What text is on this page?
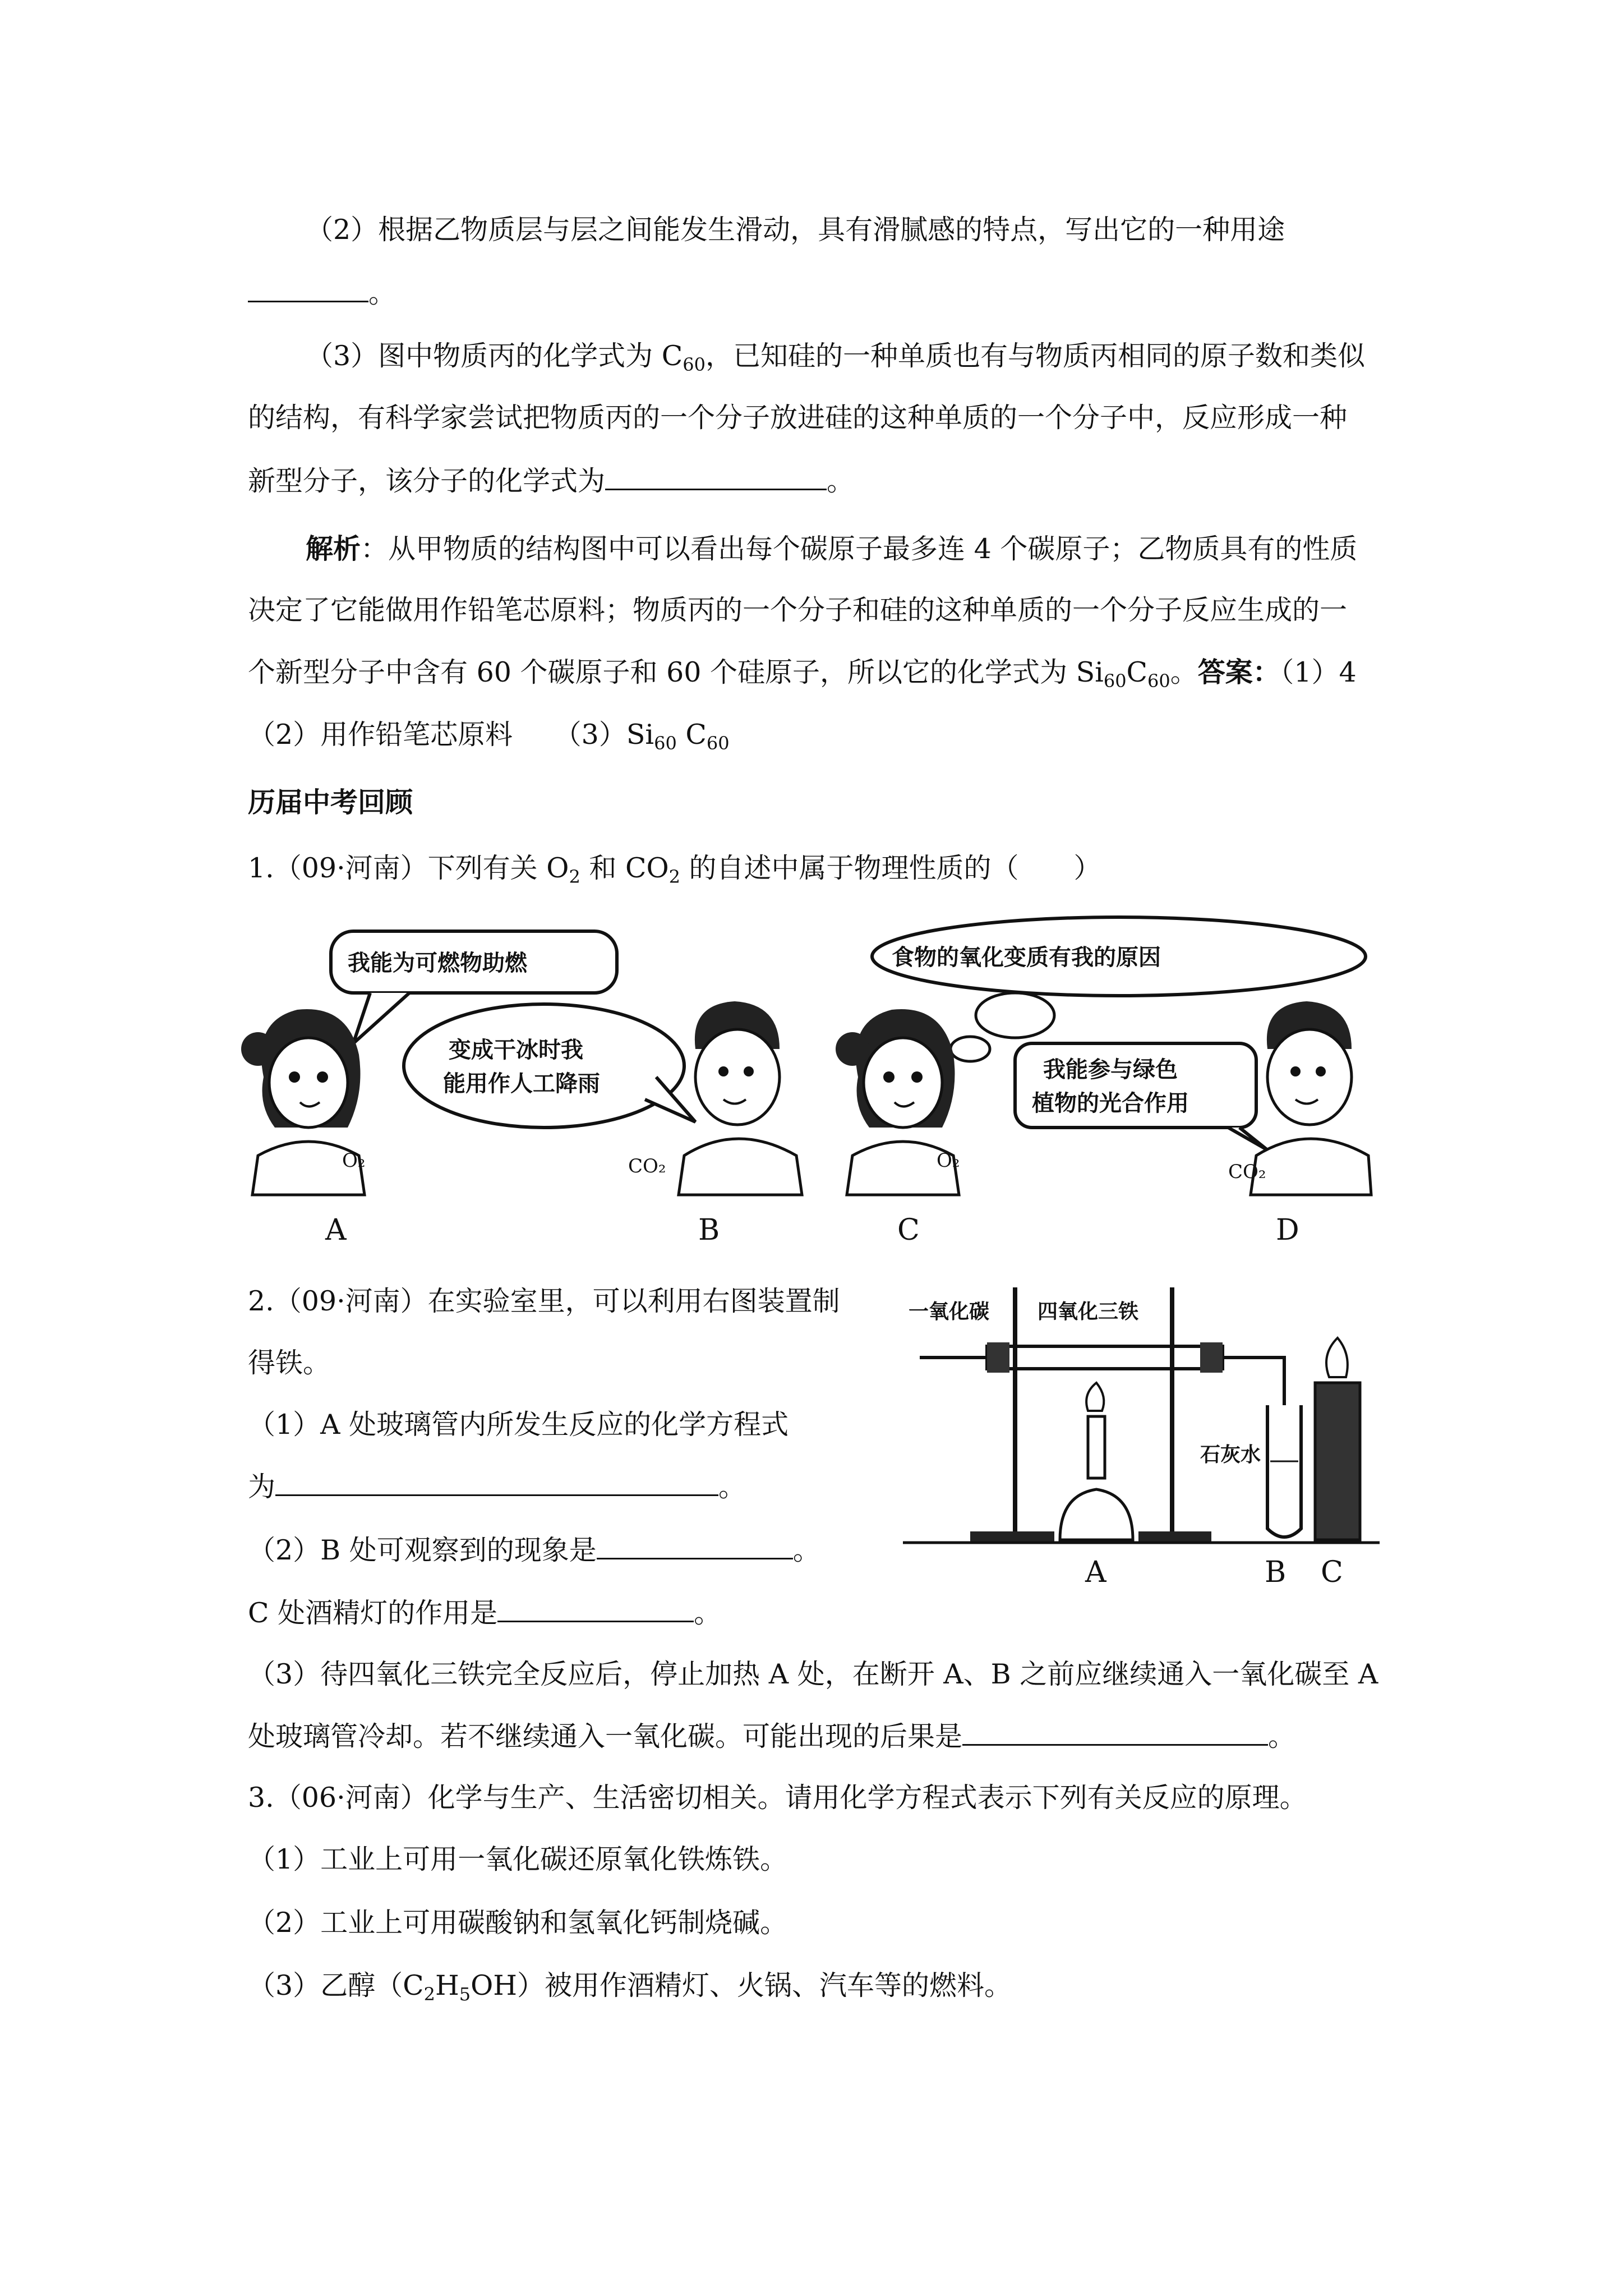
（2）根据乙物质层与层之间能发生滑动，具有滑腻感的特点，写出它的一种用途
。
（3）图中物质丙的化学式为 $C_{60}$，已知硅的一种单质也有与物质丙相同的原子数和类似
的结构，有科学家尝试把物质丙的一个分子放进硅的这种单质的一个分子中，反应形成一种
新型分子，该分子的化学式为	。
解析：从甲物质的结构图中可以看出每个碳原子最多连 4 个碳原子；乙物质具有的性质
决定了它能做用作铅笔芯原料；物质丙的一个分子和硅的这种单质的一个分子反应生成的一
个新型分子中含有 60 个碳原子和 60 个硅原子，所以它的化学式为 $Si_{60}C_{60}$。答案：（1）4
（2）用作铅笔芯原料　　$(3)Si_{60}$ $C_{60}$
历届中考回顾
1.（09·河南）下列有关 $O_2$ 和 $CO_2$ 的自述中属于物理性质的（　　）
我能为可燃物助燃
变成干冰时我
能用作人工降雨
O₂	CO₂
A	B
食物的氧化变质有我的原因
我能参与绿色
植物的光合作用
O₂	CO₂
C	D
2.（09·河南）在实验室里，可以利用右图装置制
得铁。
（1）A 处玻璃管内所发生反应的化学方程式
为	。
（2）B 处可观察到的现象是	。
C 处酒精灯的作用是	。
一氧化碳 四氧化三铁
石灰水
A	B C
（3）待四氧化三铁完全反应后，停止加热 A 处，在断开 A、B 之前应继续通入一氧化碳至 A
处玻璃管冷却。若不继续通入一氧化碳。可能出现的后果是	。
3.（06·河南）化学与生产、生活密切相关。请用化学方程式表示下列有关反应的原理。
（1）工业上可用一氧化碳还原氧化铁炼铁。
（2）工业上可用碳酸钠和氢氧化钙制烧碱。
（3）乙醇$(C_2H_5OH)$被用作酒精灯、火锅、汽车等的燃料。
